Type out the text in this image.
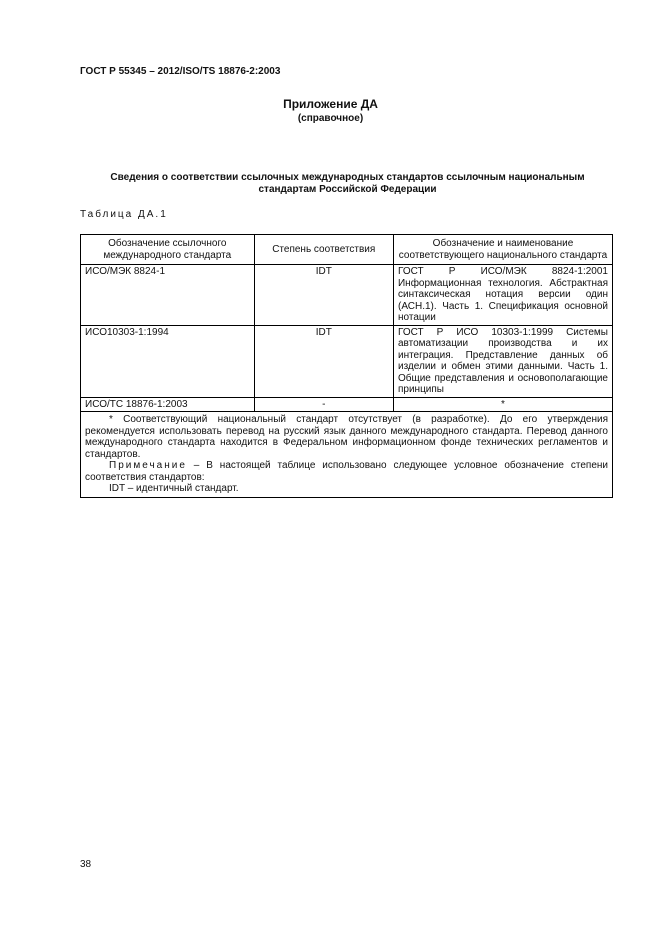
ГОСТ Р 55345 – 2012/ISO/TS 18876-2:2003
Приложение ДА
(справочное)
Сведения о соответствии ссылочных международных стандартов ссылочным национальным
стандартам Российской Федерации
Таблица ДА.1
Обозначение ссылочного международного стандарта	Степень соответствия	Обозначение и наименование соответствующего национального стандарта
ИСО/МЭК 8824-1	IDT	ГОСТ Р ИСО/МЭК 8824-1:2001 Информационная технология. Абстрактная синтаксическая нотация версии один (АСН.1). Часть 1. Спецификация основной нотации
ИСО10303-1:1994	IDT	ГОСТ Р ИСО 10303-1:1999 Системы автоматизации производства и их интеграция. Представление данных об изделии и обмен этими данными. Часть 1. Общие представления и основополагающие принципы
ИСО/ТС 18876-1:2003	-	*

* Соответствующий национальный стандарт отсутствует (в разработке). До его утверждения рекомендуется использовать перевод на русский язык данного международного стандарта. Перевод данного международного стандарта находится в Федеральном информационном фонде технических регламентов и стандартов.
Примечание – В настоящей таблице использовано следующее условное обозначение степени соответствия стандартов:
IDT – идентичный стандарт.		
38
